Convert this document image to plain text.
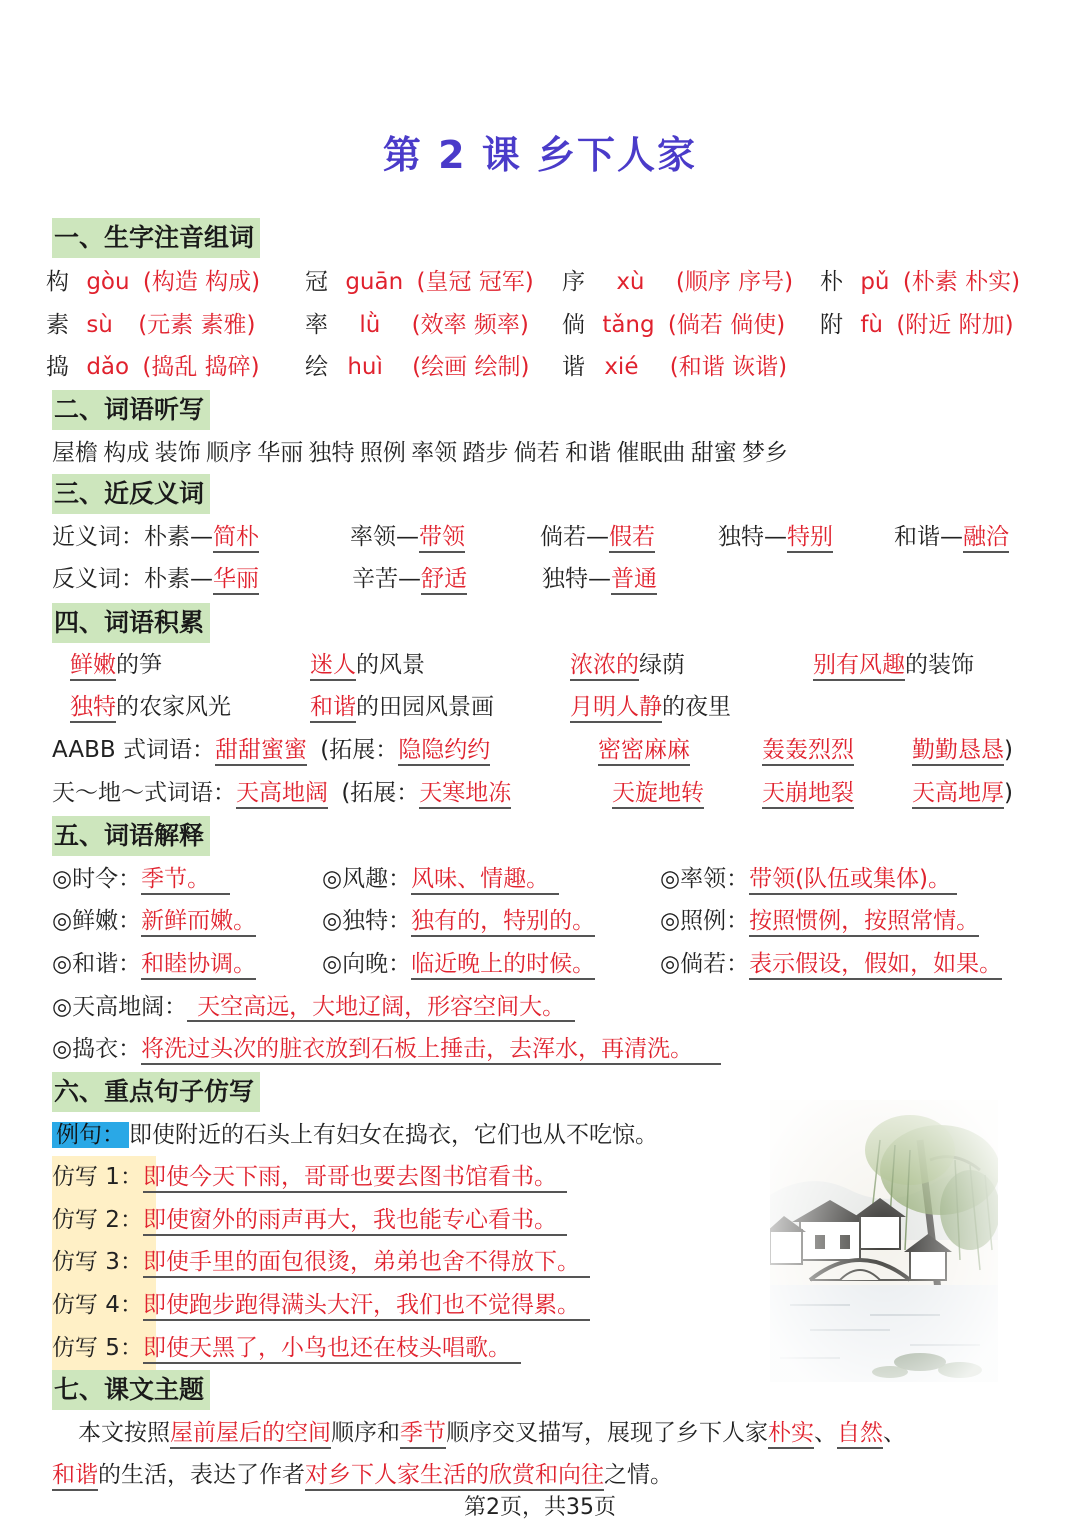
第 2 课 乡下人家
一、生字注音组词
构 gòu (构造 构成) 冠 guān (皇冠 冠军) 序 xù (顺序 序号) 朴 pǔ (朴素 朴实)
素 sù (元素 素雅) 率 lǜ (效率 频率) 倘 tǎng (倘若 倘使) 附 fù (附近 附加)
捣 dǎo (捣乱 捣碎) 绘 huì (绘画 绘制) 谐 xié (和谐 诙谐)
二、词语听写
屋檐 构成 装饰 顺序 华丽 独特 照例 率领 踏步 倘若 和谐 催眠曲 甜蜜 梦乡
三、近反义词
近义词：朴素—简朴	率领—带领	倘若—假若	独特—特别	和谐—融洽
反义词：朴素—华丽	辛苦—舒适	独特—普通
四、词语积累
鲜嫩的笋	迷人的风景	浓浓的绿荫	别有风趣的装饰
独特的农家风光	和谐的田园风景画	月明人静的夜里
AABB 式词语：甜甜蜜蜜 (拓展：隐隐约约	密密麻麻	轰轰烈烈	勤勤恳恳)
天～地～式词语：天高地阔 (拓展：天寒地冻	天旋地转	天崩地裂	天高地厚)
五、词语解释
◎时令：季节。	◎风趣：风味、情趣。	◎率领：带领(队伍或集体)。
◎鲜嫩：新鲜而嫩。	◎独特：独有的，特别的。	◎照例：按照惯例，按照常情。
◎和谐：和睦协调。	◎向晚：临近晚上的时候。	◎倘若：表示假设，假如，如果。
◎天高地阔： 天空高远，大地辽阔，形容空间大。
◎捣衣：将洗过头次的脏衣放到石板上捶击，去浑水，再清洗。
六、重点句子仿写
例句： 即使附近的石头上有妇女在捣衣，它们也从不吃惊。
仿写 1：即使今天下雨，哥哥也要去图书馆看书。
仿写 2：即使窗外的雨声再大，我也能专心看书。
仿写 3：即使手里的面包很烫，弟弟也舍不得放下。
仿写 4：即使跑步跑得满头大汗，我们也不觉得累。
仿写 5：即使天黑了，小鸟也还在枝头唱歌。
七、课文主题
本文按照屋前屋后的空间顺序和季节顺序交叉描写，展现了乡下人家朴实、自然、
和谐的生活，表达了作者对乡下人家生活的欣赏和向往之情。
第2页，共35页
